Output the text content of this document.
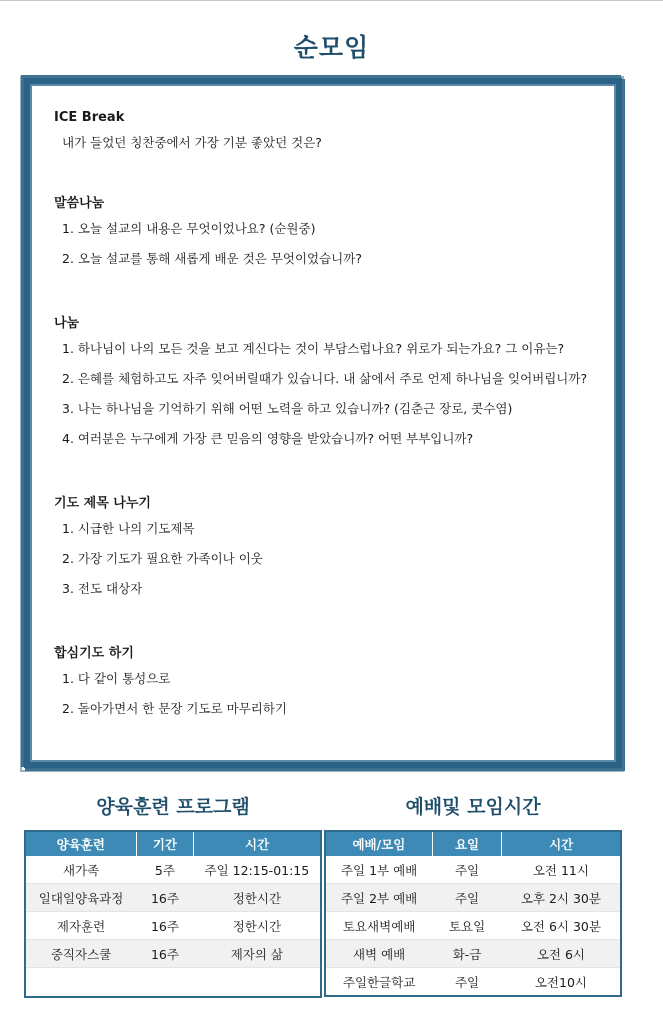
순모임
ICE Break
내가 들었던 칭찬중에서 가장 기분 좋았던 것은?
말씀나눔
1. 오늘 설교의 내용은 무엇이었나요? (순원중)
2. 오늘 설교를 통해 새롭게 배운 것은 무엇이었습니까?
나눔
1. 하나님이 나의 모든 것을 보고 계신다는 것이 부담스럽나요? 위로가 되는가요? 그 이유는?
2. 은혜를 체험하고도 자주 잊어버릴때가 있습니다. 내 삶에서 주로 언제 하나님을 잊어버립니까?
3. 나는 하나님을 기억하기 위해 어떤 노력을 하고 있습니까? (김춘근 장로, 콧수염)
4. 여러분은 누구에게 가장 큰 믿음의 영향을 받았습니까? 어떤 부부입니까?
기도 제목 나누기
1. 시급한 나의 기도제목
2. 가장 기도가 필요한 가족이나 이웃
3. 전도 대상자
합심기도 하기
1. 다 같이 통성으로
2. 돌아가면서 한 문장 기도로 마무리하기
양육훈련 프로그램	예배및 모임시간
양육훈련	기간	시간
새가족	5주	주일 12:15-01:15
일대일양육과정	16주	정한시간
제자훈련	16주	정한시간
중직자스쿨	16주	제자의 삶

예배/모임	요일	시간
주일 1부 예배	주일	오전 11시
주일 2부 예배	주일	오후 2시 30분
토요새벽예배	토요일	오전 6시 30분
새벽 예배	화-금	오전 6시
주일한글학교	주일	오전10시
